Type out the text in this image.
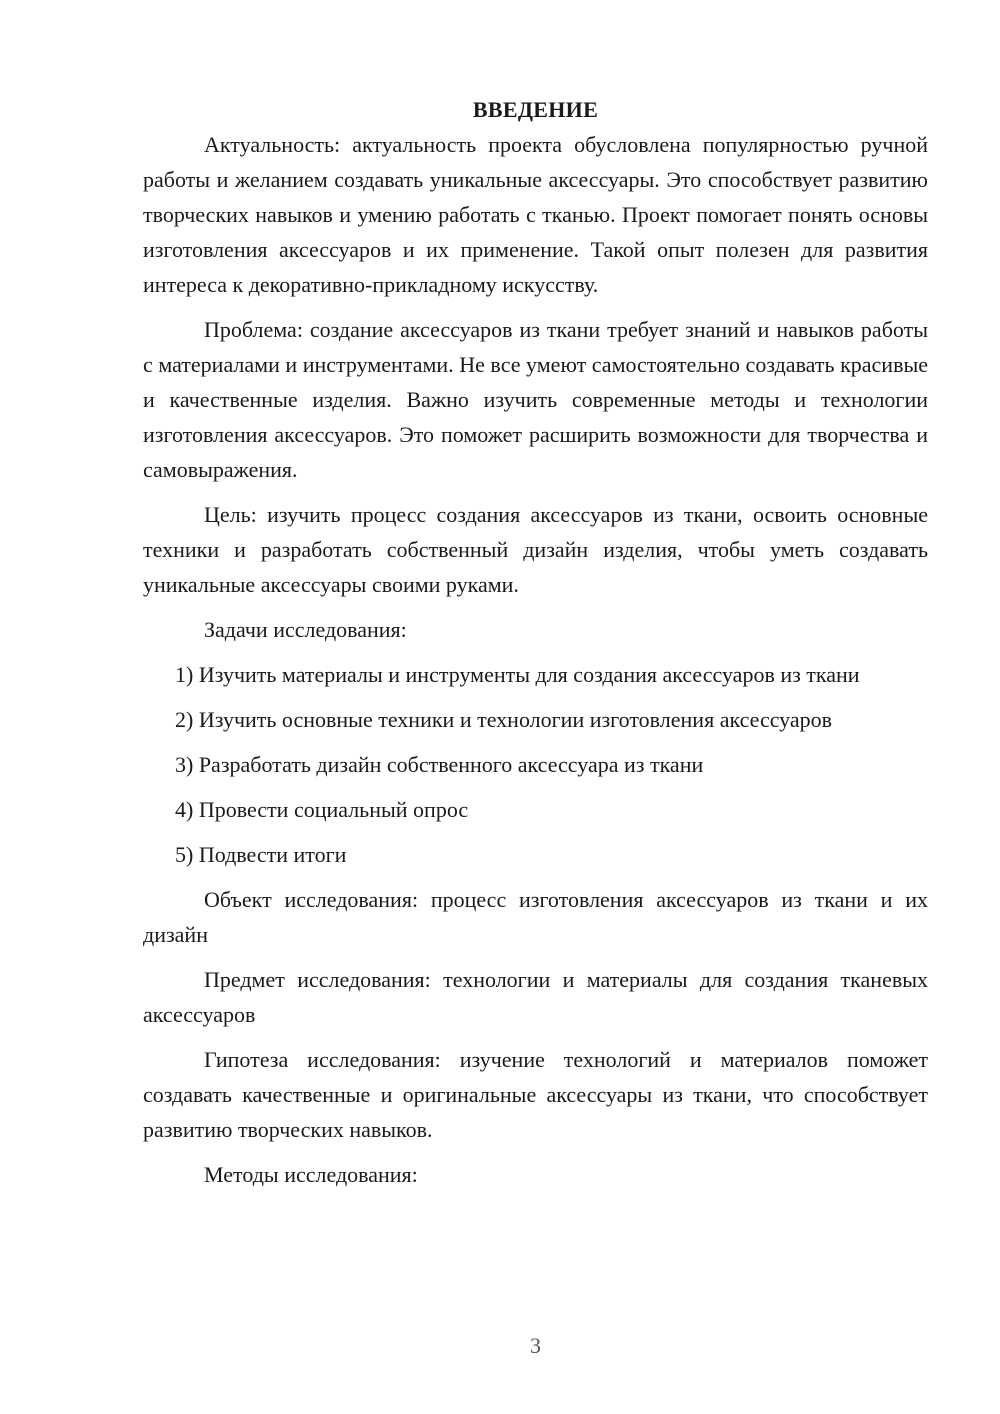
ВВЕДЕНИЕ

Актуальность: актуальность проекта обусловлена популярностью ручной работы и желанием создавать уникальные аксессуары. Это способствует развитию творческих навыков и умению работать с тканью. Проект помогает понять основы изготовления аксессуаров и их применение. Такой опыт полезен для развития интереса к декоративно-прикладному искусству.

Проблема: создание аксессуаров из ткани требует знаний и навыков работы с материалами и инструментами. Не все умеют самостоятельно создавать красивые и качественные изделия. Важно изучить современные методы и технологии изготовления аксессуаров. Это поможет расширить возможности для творчества и самовыражения.

Цель: изучить процесс создания аксессуаров из ткани, освоить основные техники и разработать собственный дизайн изделия, чтобы уметь создавать уникальные аксессуары своими руками.

Задачи исследования:

1) Изучить материалы и инструменты для создания аксессуаров из ткани
2) Изучить основные техники и технологии изготовления аксессуаров
3) Разработать дизайн собственного аксессуара из ткани
4) Провести социальный опрос
5) Подвести итоги

Объект исследования: процесс изготовления аксессуаров из ткани и их дизайн

Предмет исследования: технологии и материалы для создания тканевых аксессуаров

Гипотеза исследования: изучение технологий и материалов поможет создавать качественные и оригинальные аксессуары из ткани, что способствует развитию творческих навыков.

Методы исследования:

3
